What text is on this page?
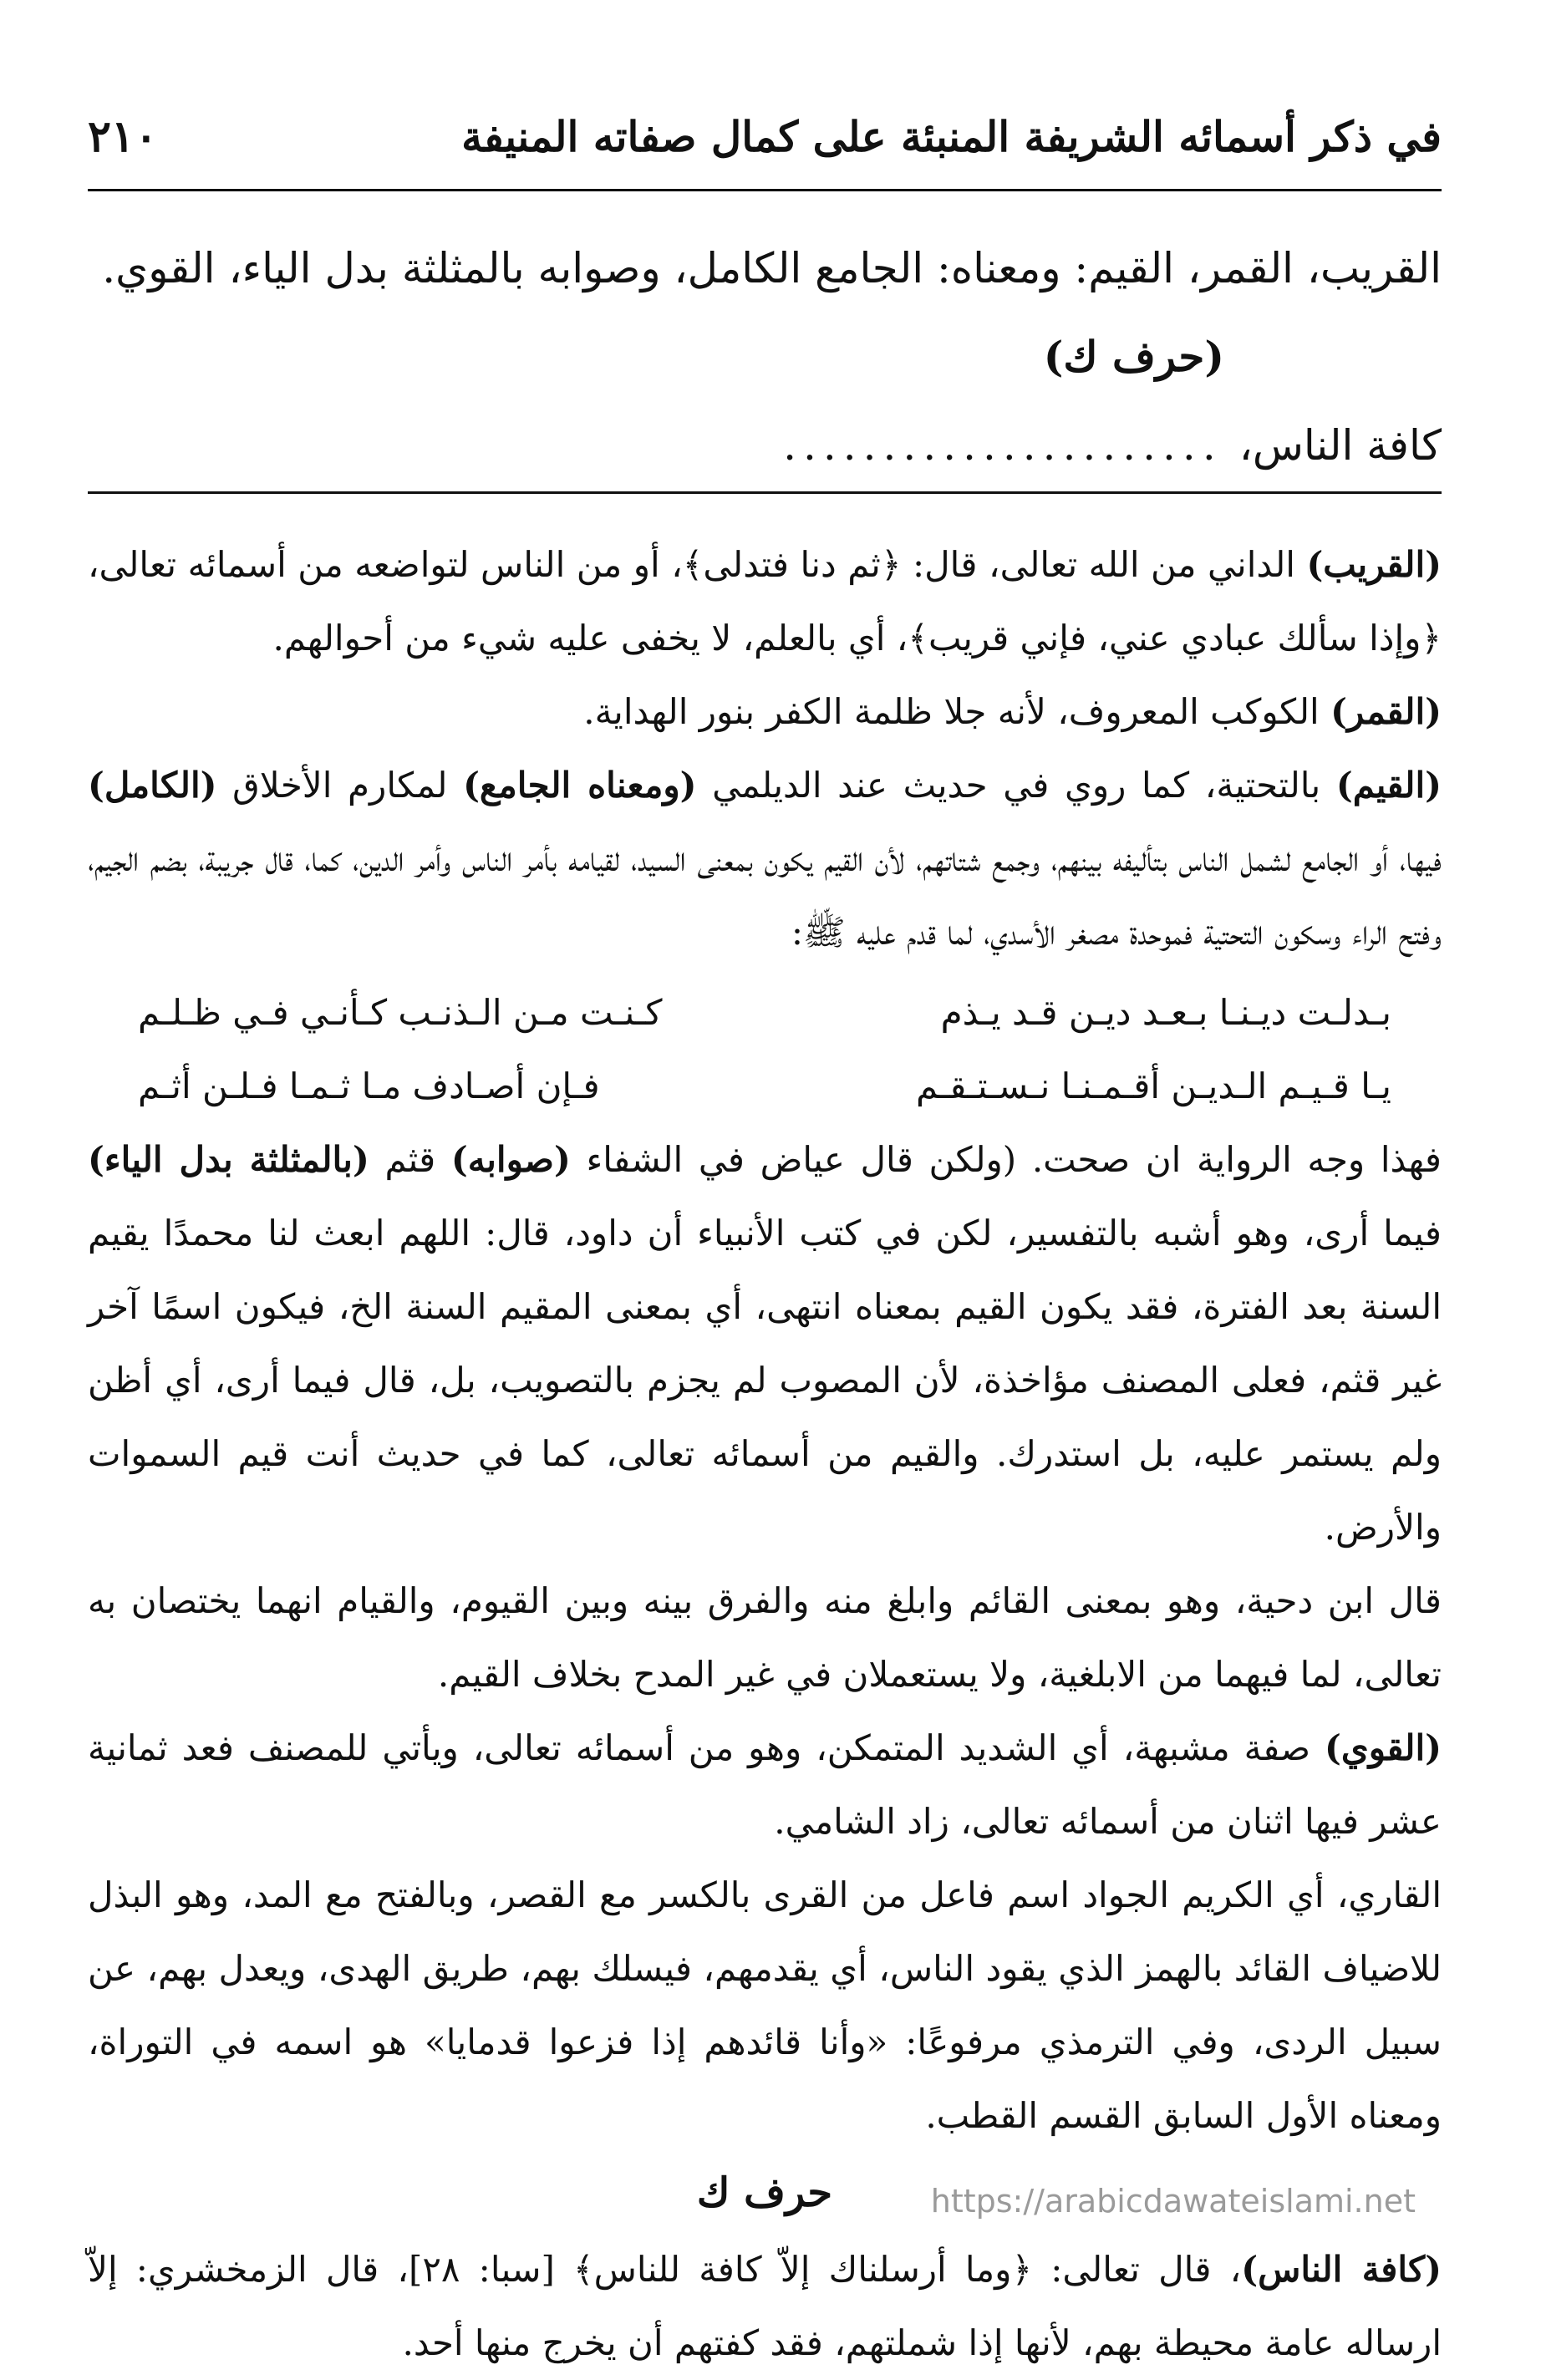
في ذكر أسمائه الشريفة المنبئة على كمال صفاته المنيفة
٢١٠

القريب، القمر، القيم: ومعناه: الجامع الكامل، وصوابه بالمثلثة بدل الياء، القوي.

(حرف ك)

كافة الناس،
......................

(القريب) الداني من الله تعالى، قال: ﴿ثم دنا فتدلى﴾، أو من الناس لتواضعه من أسمائه تعالى، ﴿وإذا سألك عبادي عني، فإني قريب﴾، أي بالعلم، لا يخفى عليه شيء من أحوالهم.

(القمر) الكوكب المعروف، لأنه جلا ظلمة الكفر بنور الهداية.

(القيم) بالتحتية، كما روي في حديث عند الديلمي (ومعناه الجامع) لمكارم الأخلاق (الكامل) فيها، أو الجامع لشمل الناس بتأليفه بينهم، وجمع شتاتهم، لأن القيم يكون بمعنى السيد، لقيامه بأمر الناس وأمر الدين، كما، قال جريبة، بضم الجيم، وفتح الراء وسكون التحتية فموحدة مصغر الأسدي، لما قدم عليه ﷺ:

بـدلـت ديـنـا بـعـد ديـن قـد يـذم
كـنـت مـن الـذنـب كـأنـي فـي ظـلـم
يـا قـيـم الـديـن أقـمـنـا نـسـتـقـم
فـإن أصـادف مـا ثـمـا فـلـن أثـم

فهذا وجه الرواية ان صحت. (ولكن قال عياض في الشفاء (صوابه) قثم (بالمثلثة بدل الياء) فيما أرى، وهو أشبه بالتفسير، لكن في كتب الأنبياء أن داود، قال: اللهم ابعث لنا محمدًا يقيم السنة بعد الفترة، فقد يكون القيم بمعناه انتهى، أي بمعنى المقيم السنة الخ، فيكون اسمًا آخر غير قثم، فعلى المصنف مؤاخذة، لأن المصوب لم يجزم بالتصويب، بل، قال فيما أرى، أي أظن ولم يستمر عليه، بل استدرك. والقيم من أسمائه تعالى، كما في حديث أنت قيم السموات والأرض.

قال ابن دحية، وهو بمعنى القائم وابلغ منه والفرق بينه وبين القيوم، والقيام انهما يختصان به تعالى، لما فيهما من الابلغية، ولا يستعملان في غير المدح بخلاف القيم.

(القوي) صفة مشبهة، أي الشديد المتمكن، وهو من أسمائه تعالى، ويأتي للمصنف فعد ثمانية عشر فيها اثنان من أسمائه تعالى، زاد الشامي.

القاري، أي الكريم الجواد اسم فاعل من القرى بالكسر مع القصر، وبالفتح مع المد، وهو البذل للاضياف القائد بالهمز الذي يقود الناس، أي يقدمهم، فيسلك بهم، طريق الهدى، ويعدل بهم، عن سبيل الردى، وفي الترمذي مرفوعًا: «وأنا قائدهم إذا فزعوا قدمايا» هو اسمه في التوراة، ومعناه الأول السابق القسم القطب.

حرف ك

(كافة الناس)، قال تعالى: ﴿وما أرسلناك إلاّ كافة للناس﴾ [سبا: ٢٨]، قال الزمخشري: إلاّ ارساله عامة محيطة بهم، لأنها إذا شملتهم، فقد كفتهم أن يخرج منها أحد.

https://arabicdawateislami.net
